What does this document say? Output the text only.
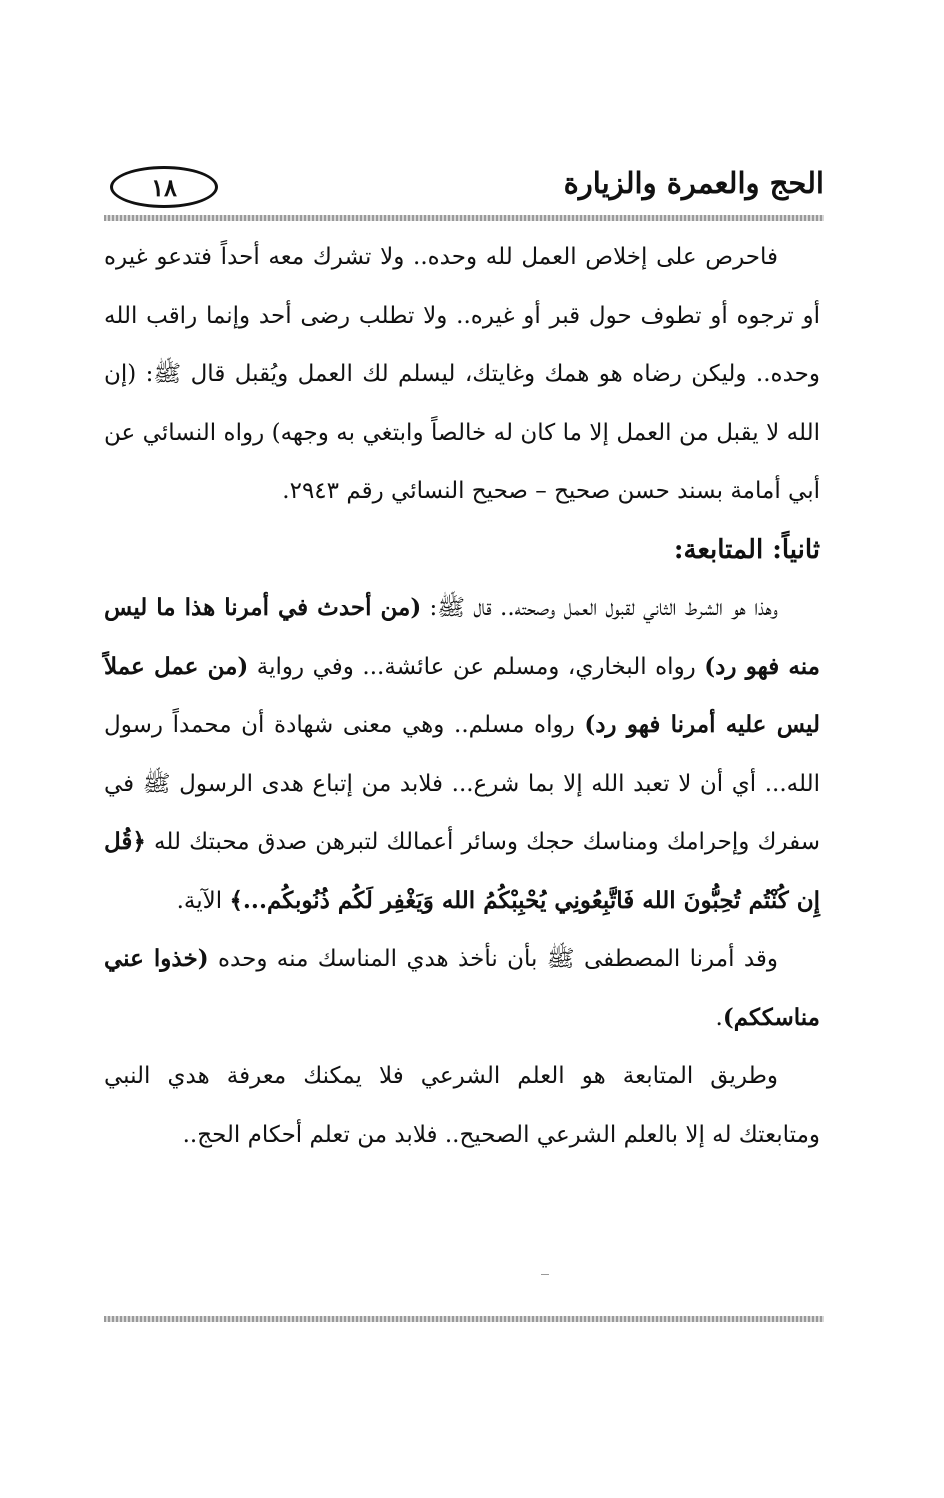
الحج والعمرة والزيارة
١٨

فاحرص على إخلاص العمل لله وحده.. ولا تشرك معه أحداً فتدعو غيره أو ترجوه أو تطوف حول قبر أو غيره.. ولا تطلب رضى أحد وإنما راقب الله وحده.. وليكن رضاه هو همك وغايتك، ليسلم لك العمل ويُقبل قال ﷺ: (إن الله لا يقبل من العمل إلا ما كان له خالصاً وابتغي به وجهه) رواه النسائي عن أبي أمامة بسند حسن صحيح – صحيح النسائي رقم ٢٩٤٣.

ثانياً: المتابعة:

وهذا هو الشرط الثاني لقبول العمل وصحته.. قال ﷺ: (من أحدث في أمرنا هذا ما ليس منه فهو رد) رواه البخاري، ومسلم عن عائشة... وفي رواية (من عمل عملاً ليس عليه أمرنا فهو رد) رواه مسلم.. وهي معنى شهادة أن محمداً رسول الله... أي أن لا تعبد الله إلا بما شرع... فلابد من إتباع هدى الرسول ﷺ في سفرك وإحرامك ومناسك حجك وسائر أعمالك لتبرهن صدق محبتك لله ﴿قُل إِن كُنْتُم تُحِبُّونَ الله فَاتَّبِعُونِي يُحْبِبْكُمُ الله وَيَغْفِر لَكُم ذُنُوبكُم...﴾ الآية.

وقد أمرنا المصطفى ﷺ بأن نأخذ هدي المناسك منه وحده (خذوا عني مناسككم).

وطريق المتابعة هو العلم الشرعي فلا يمكنك معرفة هدي النبي ومتابعتك له إلا بالعلم الشرعي الصحيح.. فلابد من تعلم أحكام الحج..
